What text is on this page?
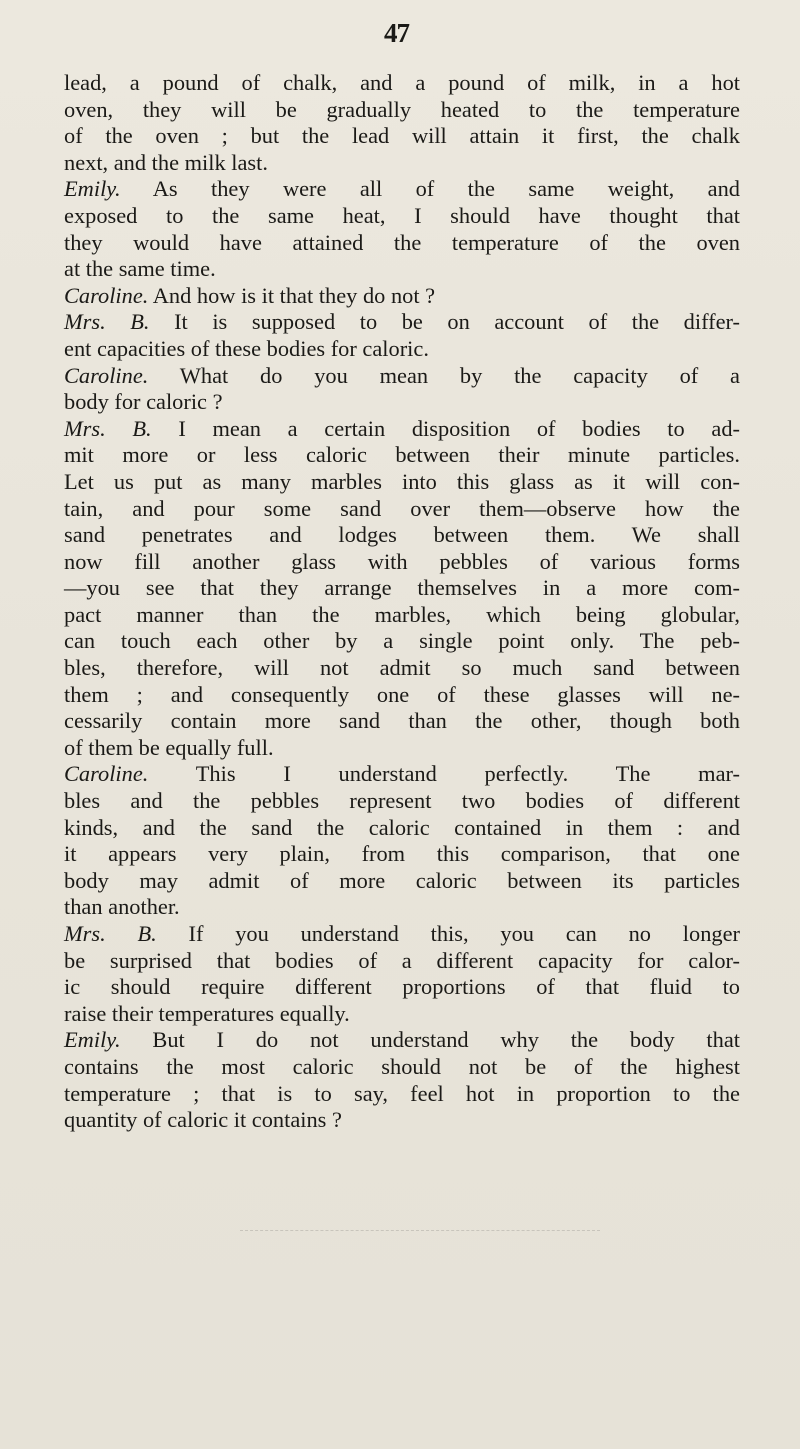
47
lead, a pound of chalk, and a pound of milk, in a hot
oven, they will be gradually heated to the temperature
of the oven ; but the lead will attain it first, the chalk
next, and the milk last.
Emily. As they were all of the same weight, and
exposed to the same heat, I should have thought that
they would have attained the temperature of the oven
at the same time.
Caroline. And how is it that they do not ?
Mrs. B. It is supposed to be on account of the differ-
ent capacities of these bodies for caloric.
Caroline. What do you mean by the capacity of a
body for caloric ?
Mrs. B. I mean a certain disposition of bodies to ad-
mit more or less caloric between their minute particles.
Let us put as many marbles into this glass as it will con-
tain, and pour some sand over them—observe how the
sand penetrates and lodges between them. We shall
now fill another glass with pebbles of various forms
—you see that they arrange themselves in a more com-
pact manner than the marbles, which being globular,
can touch each other by a single point only. The peb-
bles, therefore, will not admit so much sand between
them ; and consequently one of these glasses will ne-
cessarily contain more sand than the other, though both
of them be equally full.
Caroline. This I understand perfectly. The mar-
bles and the pebbles represent two bodies of different
kinds, and the sand the caloric contained in them : and
it appears very plain, from this comparison, that one
body may admit of more caloric between its particles
than another.
Mrs. B. If you understand this, you can no longer
be surprised that bodies of a different capacity for calor-
ic should require different proportions of that fluid to
raise their temperatures equally.
Emily. But I do not understand why the body that
contains the most caloric should not be of the highest
temperature ; that is to say, feel hot in proportion to the
quantity of caloric it contains ?
